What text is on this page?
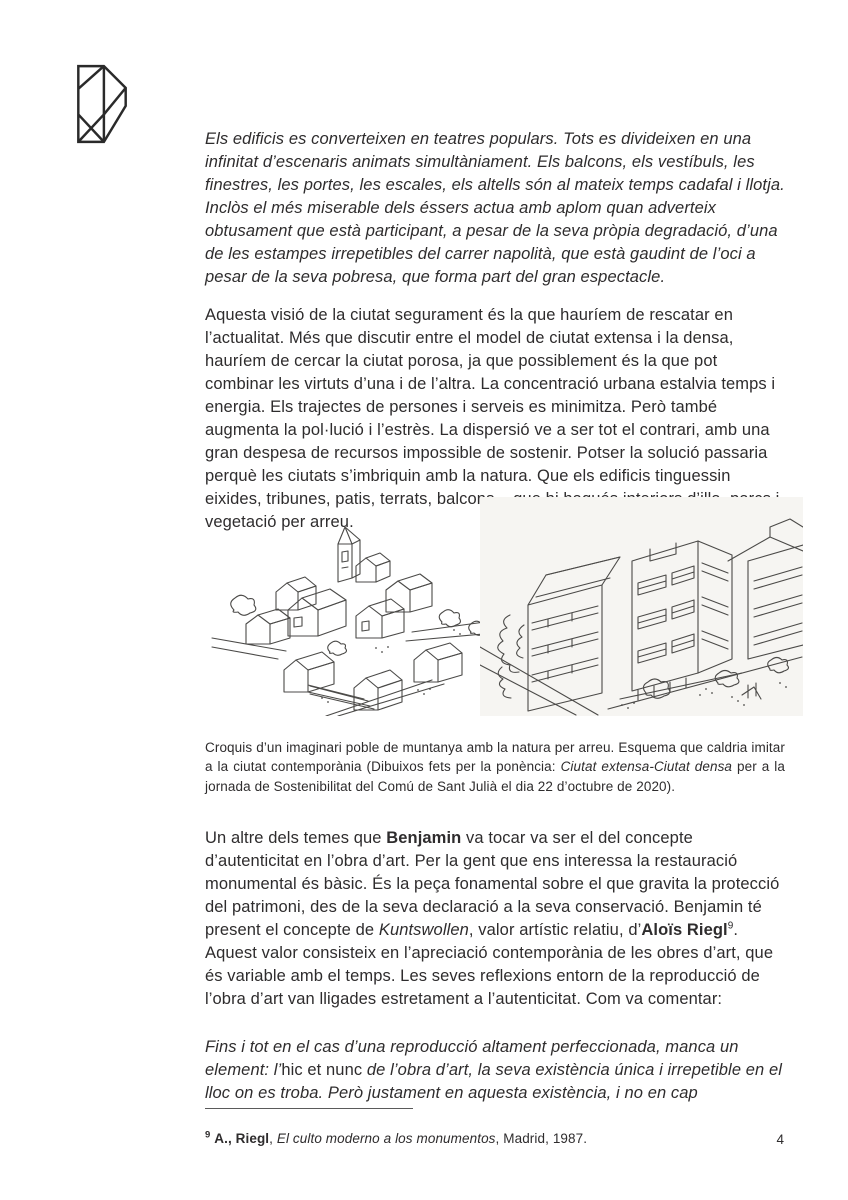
Els edificis es converteixen en teatres populars. Tots es divideixen en una infinitat d’escenaris animats simultàniament. Els balcons, els vestíbuls, les finestres, les portes, les escales, els altells són al mateix temps cadafal i llotja. Inclòs el més miserable dels éssers actua amb aplom quan adverteix obtusament que està participant, a pesar de la seva pròpia degradació, d’una de les estampes irrepetibles del carrer napolità, que està gaudint de l’oci a pesar de la seva pobresa, que forma part del gran espectacle.

Aquesta visió de la ciutat segurament és la que hauríem de rescatar en l’actualitat. Més que discutir entre el model de ciutat extensa i la densa, hauríem de cercar la ciutat porosa, ja que possiblement és la que pot combinar les virtuts d’una i de l’altra. La concentració urbana estalvia temps i energia. Els trajectes de persones i serveis es minimitza. Però també augmenta la pol·lució i l’estrès. La dispersió ve a ser tot el contrari, amb una gran despesa de recursos impossible de sostenir. Potser la solució passaria perquè les ciutats s’imbriquin amb la natura. Que els edificis tinguessin eixides, tribunes, patis, terrats, balcons... que hi hagués interiors d’illa, parcs i vegetació per arreu.

Croquis d’un imaginari poble de muntanya amb la natura per arreu. Esquema que caldria imitar a la ciutat contemporània (Dibuixos fets per la ponència: Ciutat extensa-Ciutat densa per a la jornada de Sostenibilitat del Comú de Sant Julià el dia 22 d’octubre de 2020).

Un altre dels temes que Benjamin va tocar va ser el del concepte d’autenticitat en l’obra d’art. Per la gent que ens interessa la restauració monumental és bàsic. És la peça fonamental sobre el que gravita la protecció del patrimoni, des de la seva declaració a la seva conservació. Benjamin té present el concepte de Kuntswollen, valor artístic relatiu, d’Aloïs Riegl$^9$. Aquest valor consisteix en l’apreciació contemporània de les obres d’art, que és variable amb el temps. Les seves reflexions entorn de la reproducció de l’obra d’art van lligades estretament a l’autenticitat. Com va comentar:

Fins i tot en el cas d’una reproducció altament perfeccionada, manca un element: l’hic et nunc de l’obra d’art, la seva existència única i irrepetible en el lloc on es troba. Però justament en aquesta existència, i no en cap

$^9$ A., Riegl, El culto moderno a los monumentos, Madrid, 1987.	4
